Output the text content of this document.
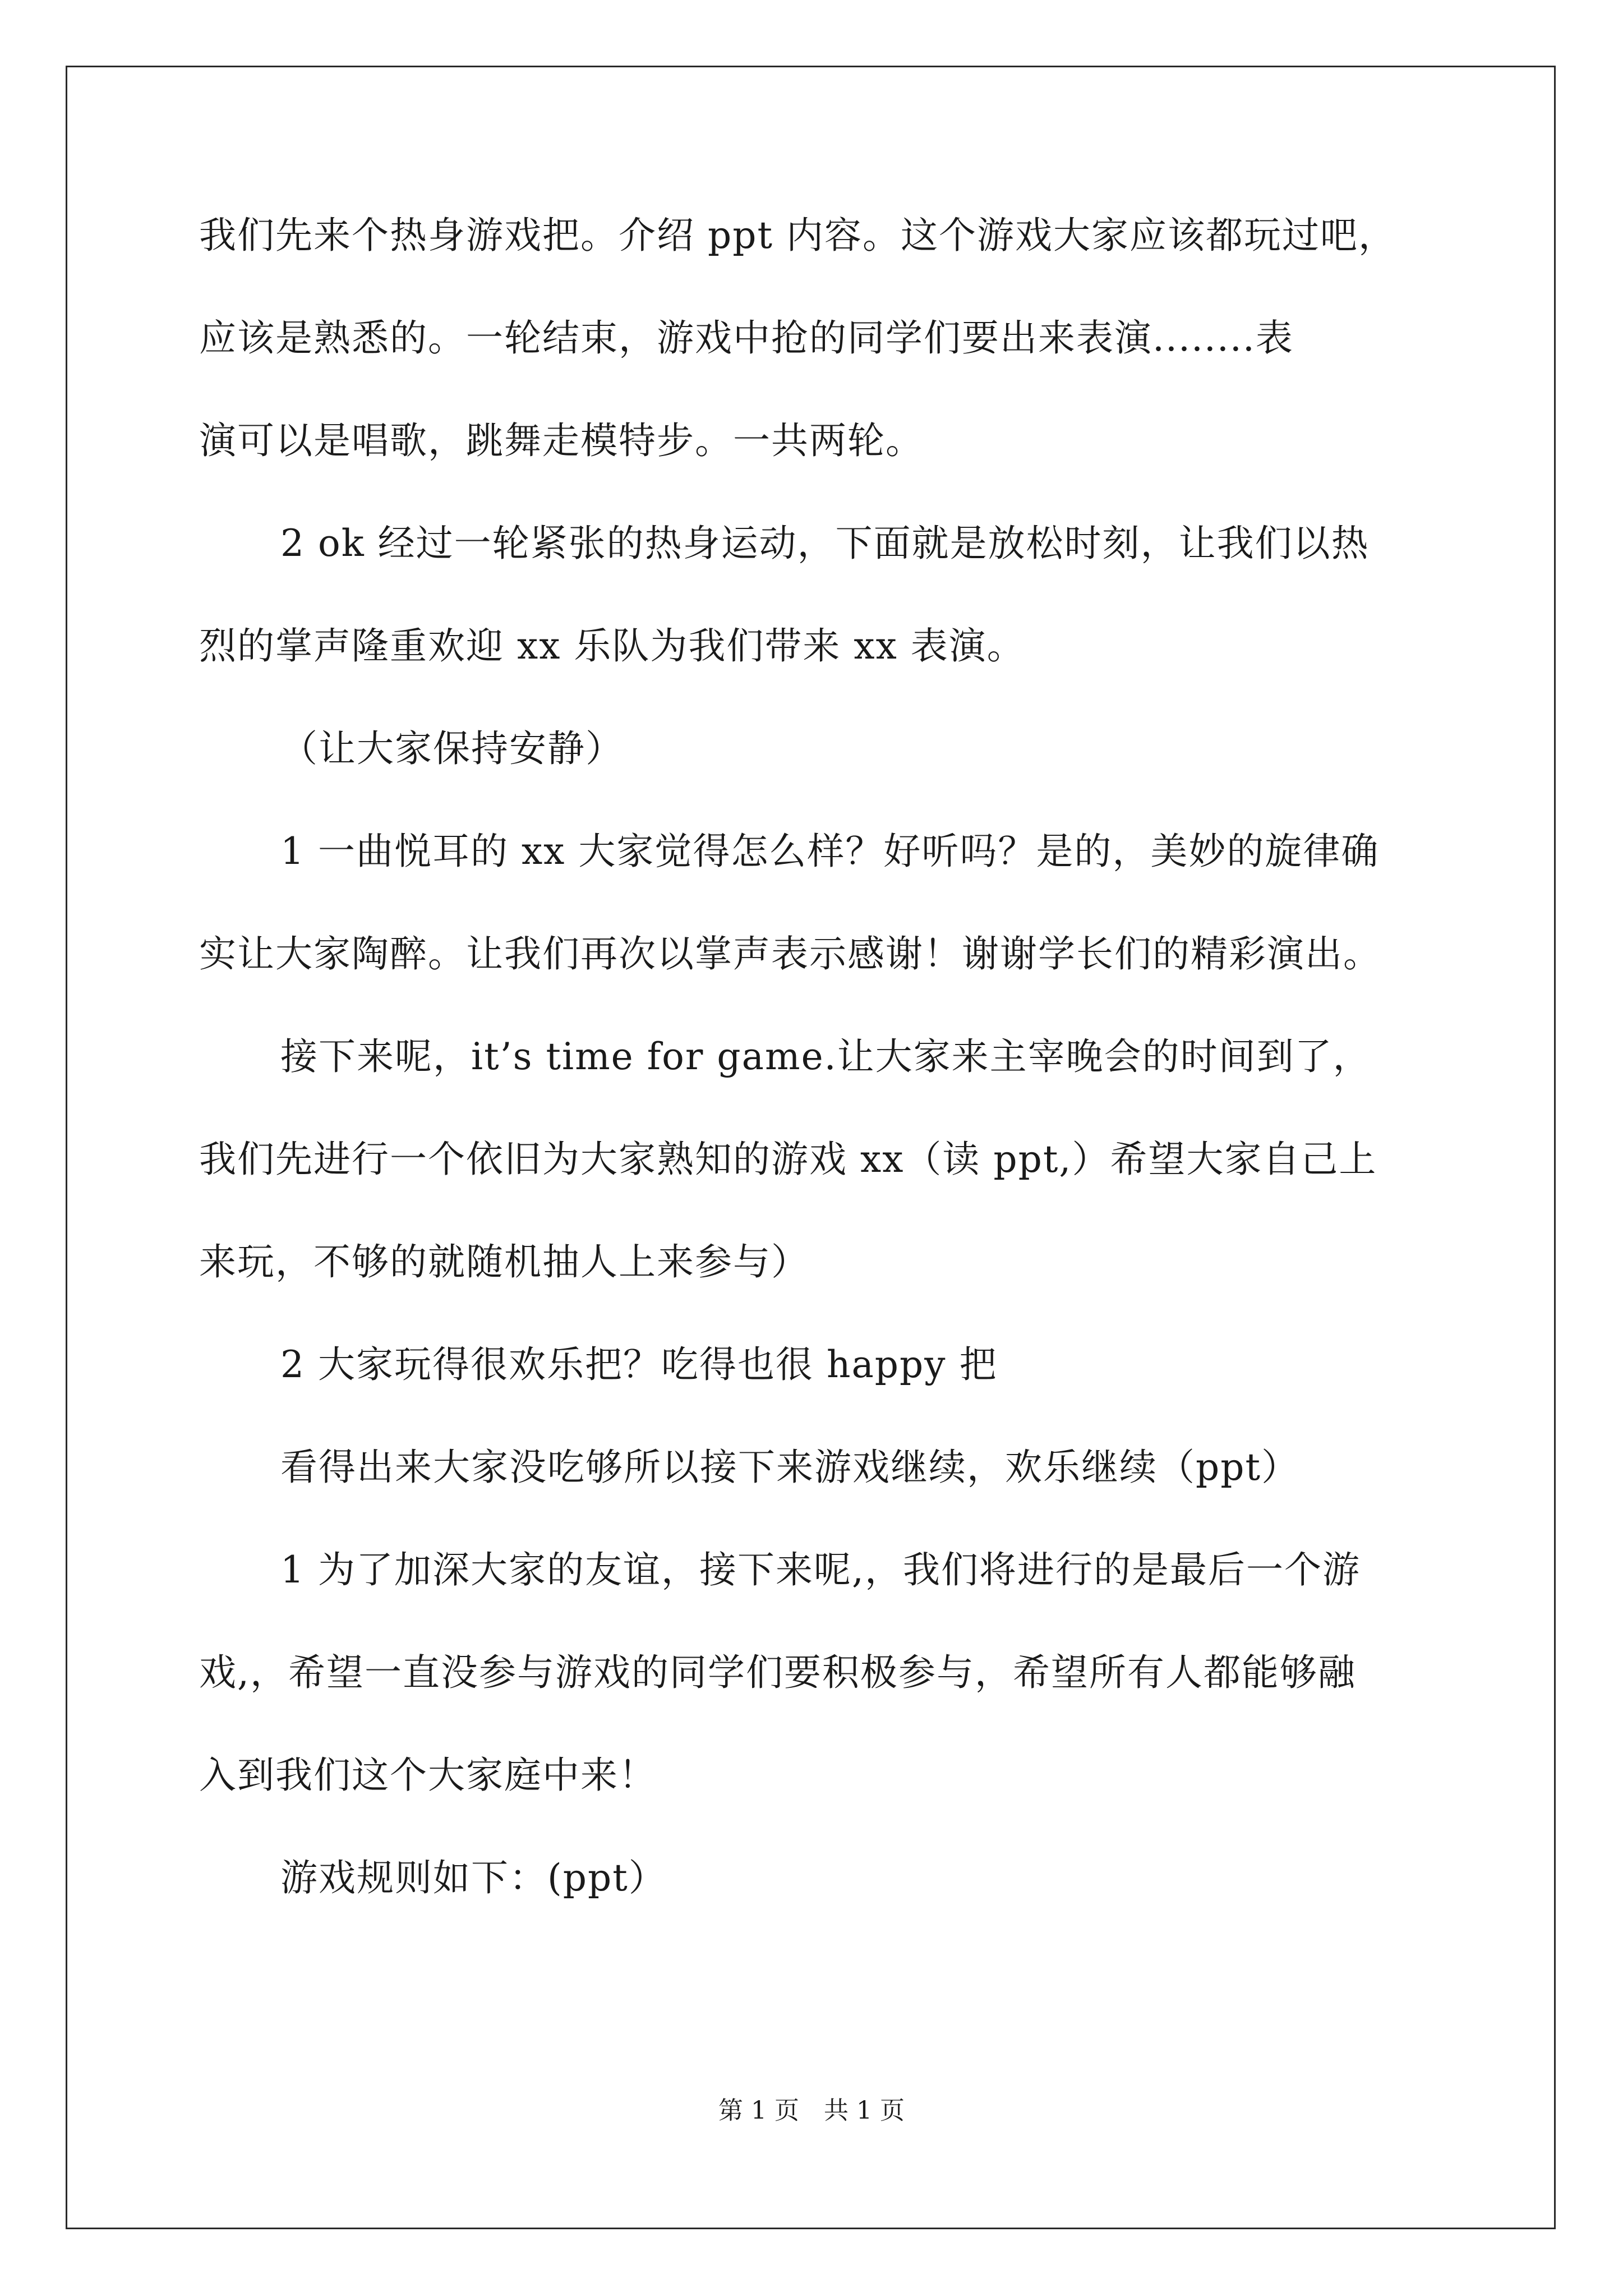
我们先来个热身游戏把。介绍 ppt 内容。这个游戏大家应该都玩过吧，
应该是熟悉的。一轮结束，游戏中抢的同学们要出来表演........表
演可以是唱歌，跳舞走模特步。一共两轮。
2 ok 经过一轮紧张的热身运动，下面就是放松时刻，让我们以热
烈的掌声隆重欢迎 xx 乐队为我们带来 xx 表演。
（让大家保持安静）
1 一曲悦耳的 xx 大家觉得怎么样？好听吗？是的，美妙的旋律确
实让大家陶醉。让我们再次以掌声表示感谢！谢谢学长们的精彩演出。
接下来呢，it’s time for game.让大家来主宰晚会的时间到了，
我们先进行一个依旧为大家熟知的游戏 xx（读 ppt,）希望大家自己上
来玩，不够的就随机抽人上来参与）
2 大家玩得很欢乐把？吃得也很 happy 把
看得出来大家没吃够所以接下来游戏继续，欢乐继续（ppt）
1 为了加深大家的友谊，接下来呢,，我们将进行的是最后一个游
戏,，希望一直没参与游戏的同学们要积极参与，希望所有人都能够融
入到我们这个大家庭中来！
游戏规则如下：(ppt）
第 1 页　共 1 页
